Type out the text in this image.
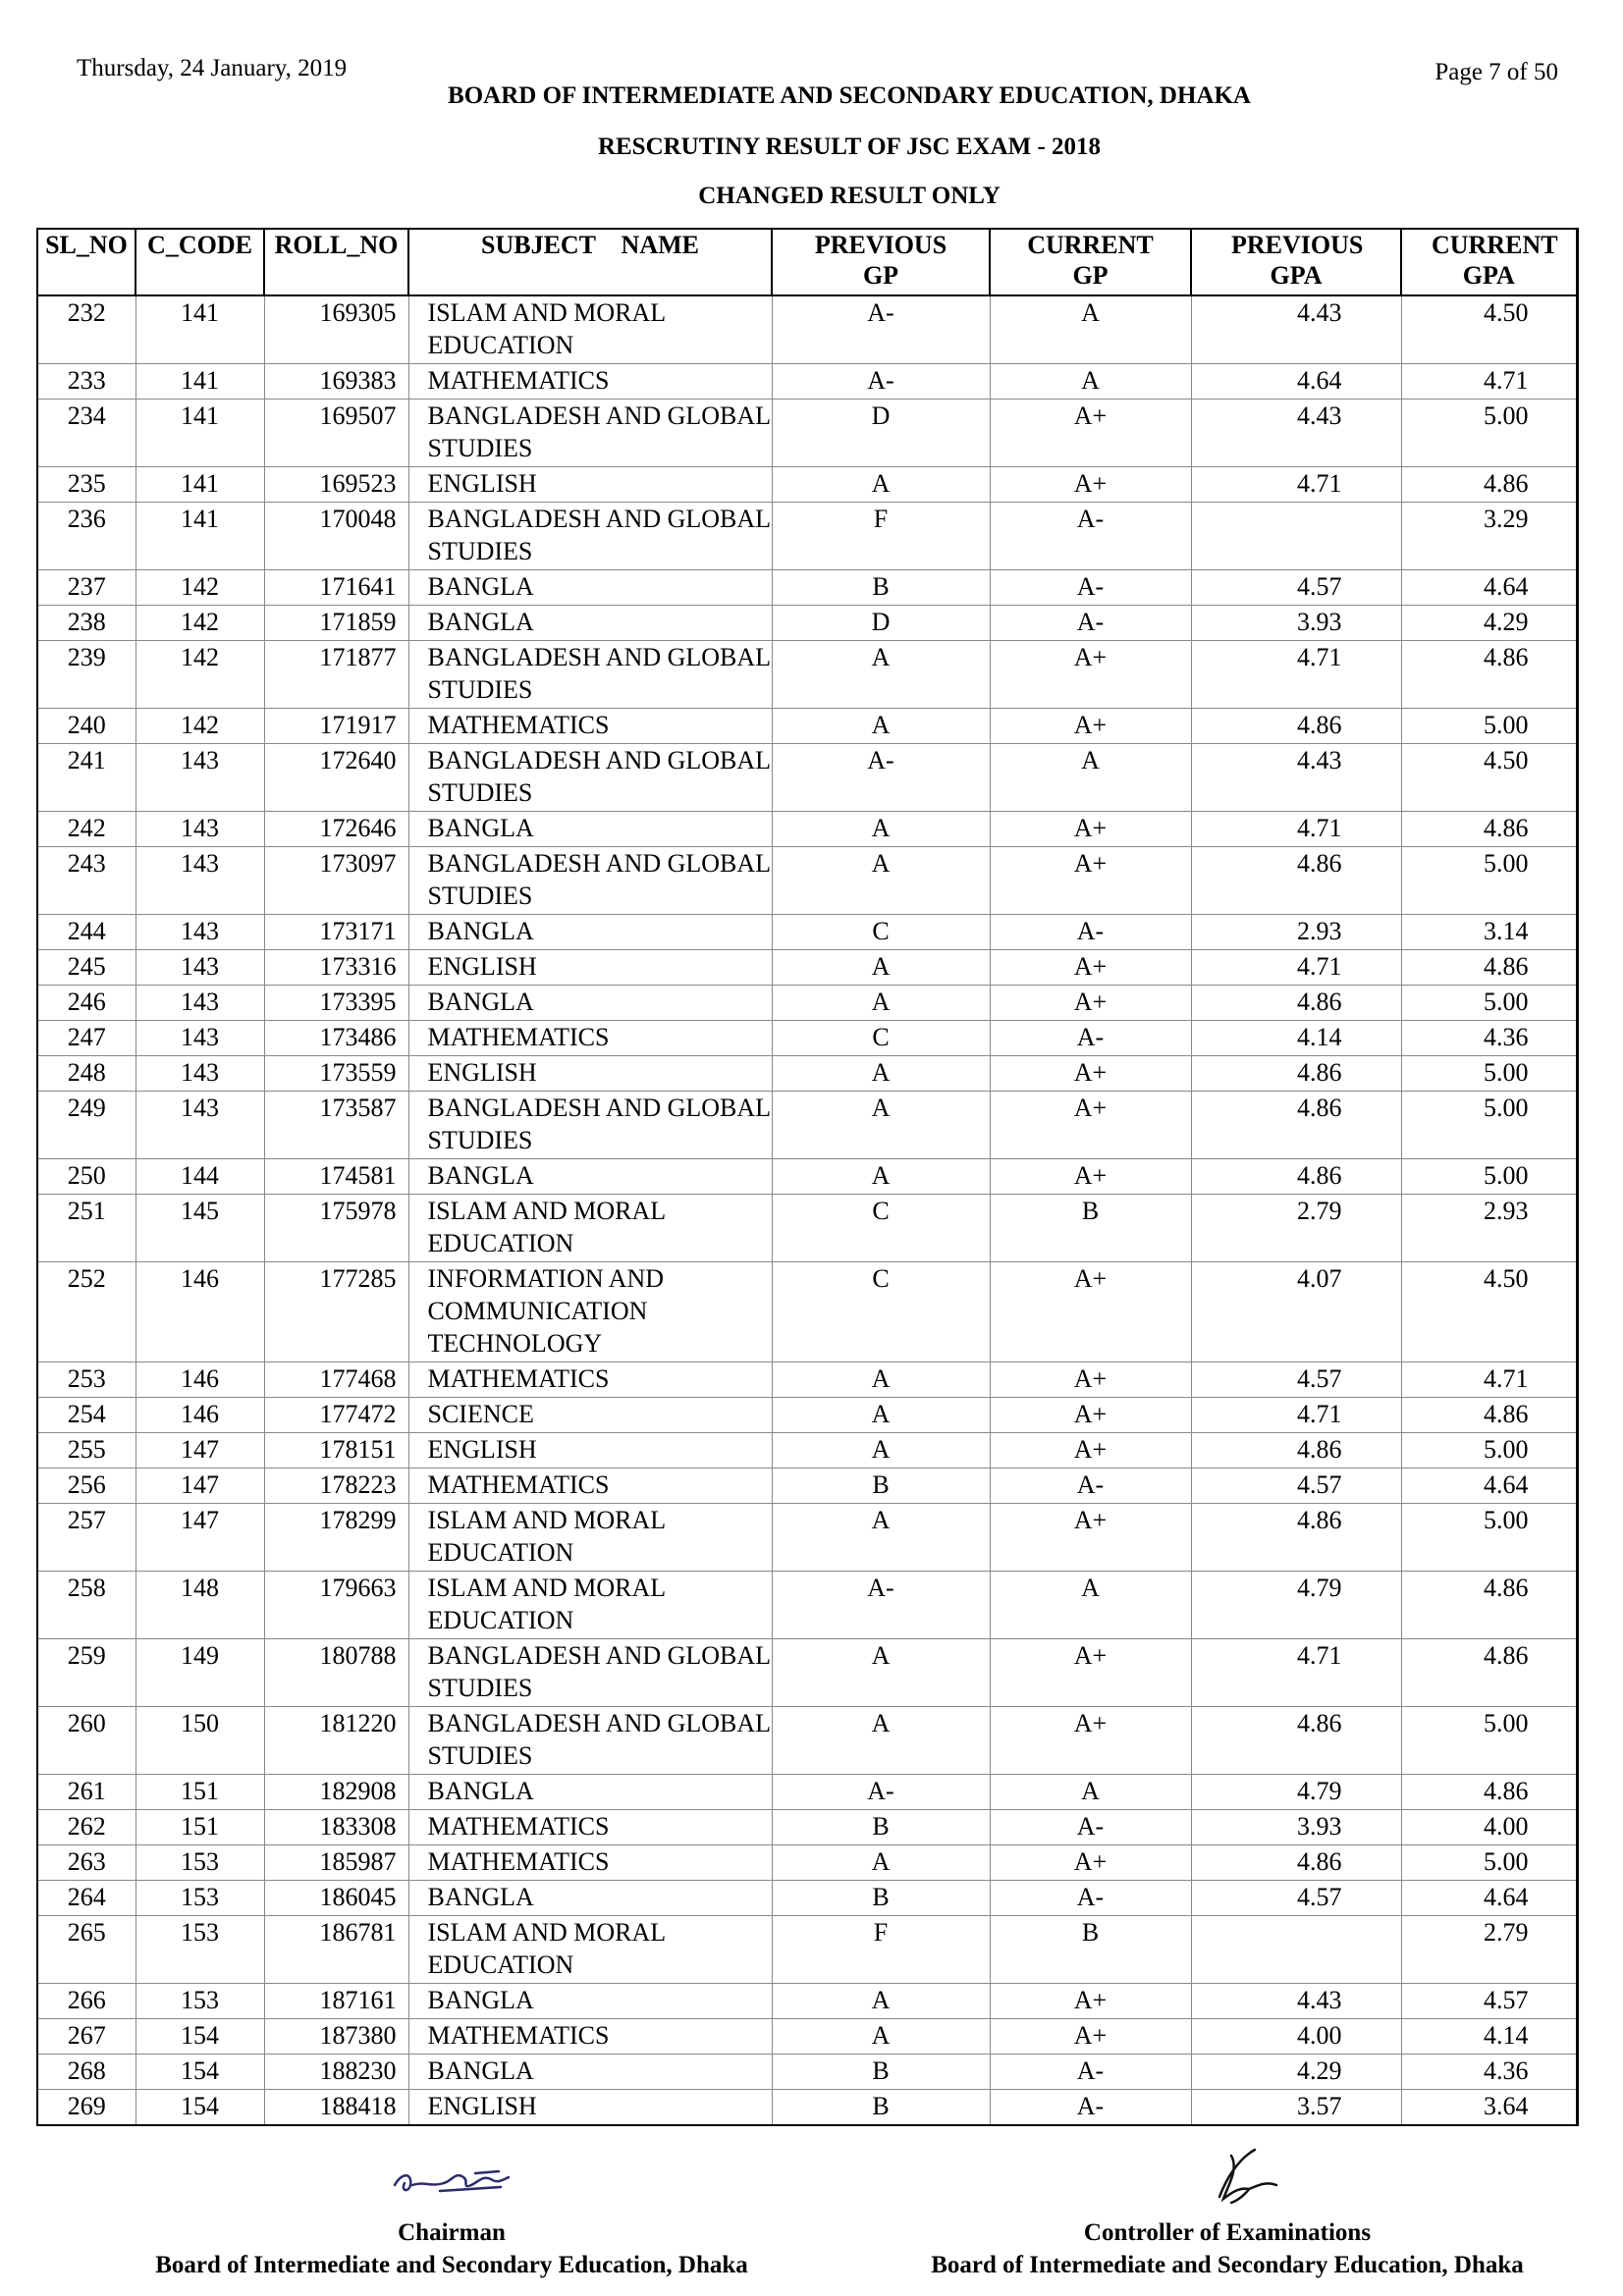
Thursday, 24 January, 2019	Page 7 of 50
BOARD OF INTERMEDIATE AND SECONDARY EDUCATION, DHAKA
RESCRUTINY RESULT OF JSC EXAM - 2018
CHANGED RESULT ONLY
SL_NO	C_CODE	ROLL_NO	SUBJECT    NAME	PREVIOUS GP	CURRENT GP	PREVIOUS GPA	CURRENT GPA
232	141	169305	ISLAM AND MORAL EDUCATION	A-	A	4.43	4.50
233	141	169383	MATHEMATICS	A-	A	4.64	4.71
234	141	169507	BANGLADESH AND GLOBAL STUDIES	D	A+	4.43	5.00
235	141	169523	ENGLISH	A	A+	4.71	4.86
236	141	170048	BANGLADESH AND GLOBAL STUDIES	F	A-		3.29
237	142	171641	BANGLA	B	A-	4.57	4.64
238	142	171859	BANGLA	D	A-	3.93	4.29
239	142	171877	BANGLADESH AND GLOBAL STUDIES	A	A+	4.71	4.86
240	142	171917	MATHEMATICS	A	A+	4.86	5.00
241	143	172640	BANGLADESH AND GLOBAL STUDIES	A-	A	4.43	4.50
242	143	172646	BANGLA	A	A+	4.71	4.86
243	143	173097	BANGLADESH AND GLOBAL STUDIES	A	A+	4.86	5.00
244	143	173171	BANGLA	C	A-	2.93	3.14
245	143	173316	ENGLISH	A	A+	4.71	4.86
246	143	173395	BANGLA	A	A+	4.86	5.00
247	143	173486	MATHEMATICS	C	A-	4.14	4.36
248	143	173559	ENGLISH	A	A+	4.86	5.00
249	143	173587	BANGLADESH AND GLOBAL STUDIES	A	A+	4.86	5.00
250	144	174581	BANGLA	A	A+	4.86	5.00
251	145	175978	ISLAM AND MORAL EDUCATION	C	B	2.79	2.93
252	146	177285	INFORMATION AND COMMUNICATION TECHNOLOGY	C	A+	4.07	4.50
253	146	177468	MATHEMATICS	A	A+	4.57	4.71
254	146	177472	SCIENCE	A	A+	4.71	4.86
255	147	178151	ENGLISH	A	A+	4.86	5.00
256	147	178223	MATHEMATICS	B	A-	4.57	4.64
257	147	178299	ISLAM AND MORAL EDUCATION	A	A+	4.86	5.00
258	148	179663	ISLAM AND MORAL EDUCATION	A-	A	4.79	4.86
259	149	180788	BANGLADESH AND GLOBAL STUDIES	A	A+	4.71	4.86
260	150	181220	BANGLADESH AND GLOBAL STUDIES	A	A+	4.86	5.00
261	151	182908	BANGLA	A-	A	4.79	4.86
262	151	183308	MATHEMATICS	B	A-	3.93	4.00
263	153	185987	MATHEMATICS	A	A+	4.86	5.00
264	153	186045	BANGLA	B	A-	4.57	4.64
265	153	186781	ISLAM AND MORAL EDUCATION	F	B		2.79
266	153	187161	BANGLA	A	A+	4.43	4.57
267	154	187380	MATHEMATICS	A	A+	4.00	4.14
268	154	188230	BANGLA	B	A-	4.29	4.36
269	154	188418	ENGLISH	B	A-	3.57	3.64
Chairman
Board of Intermediate and Secondary Education, Dhaka
Controller of Examinations
Board of Intermediate and Secondary Education, Dhaka
